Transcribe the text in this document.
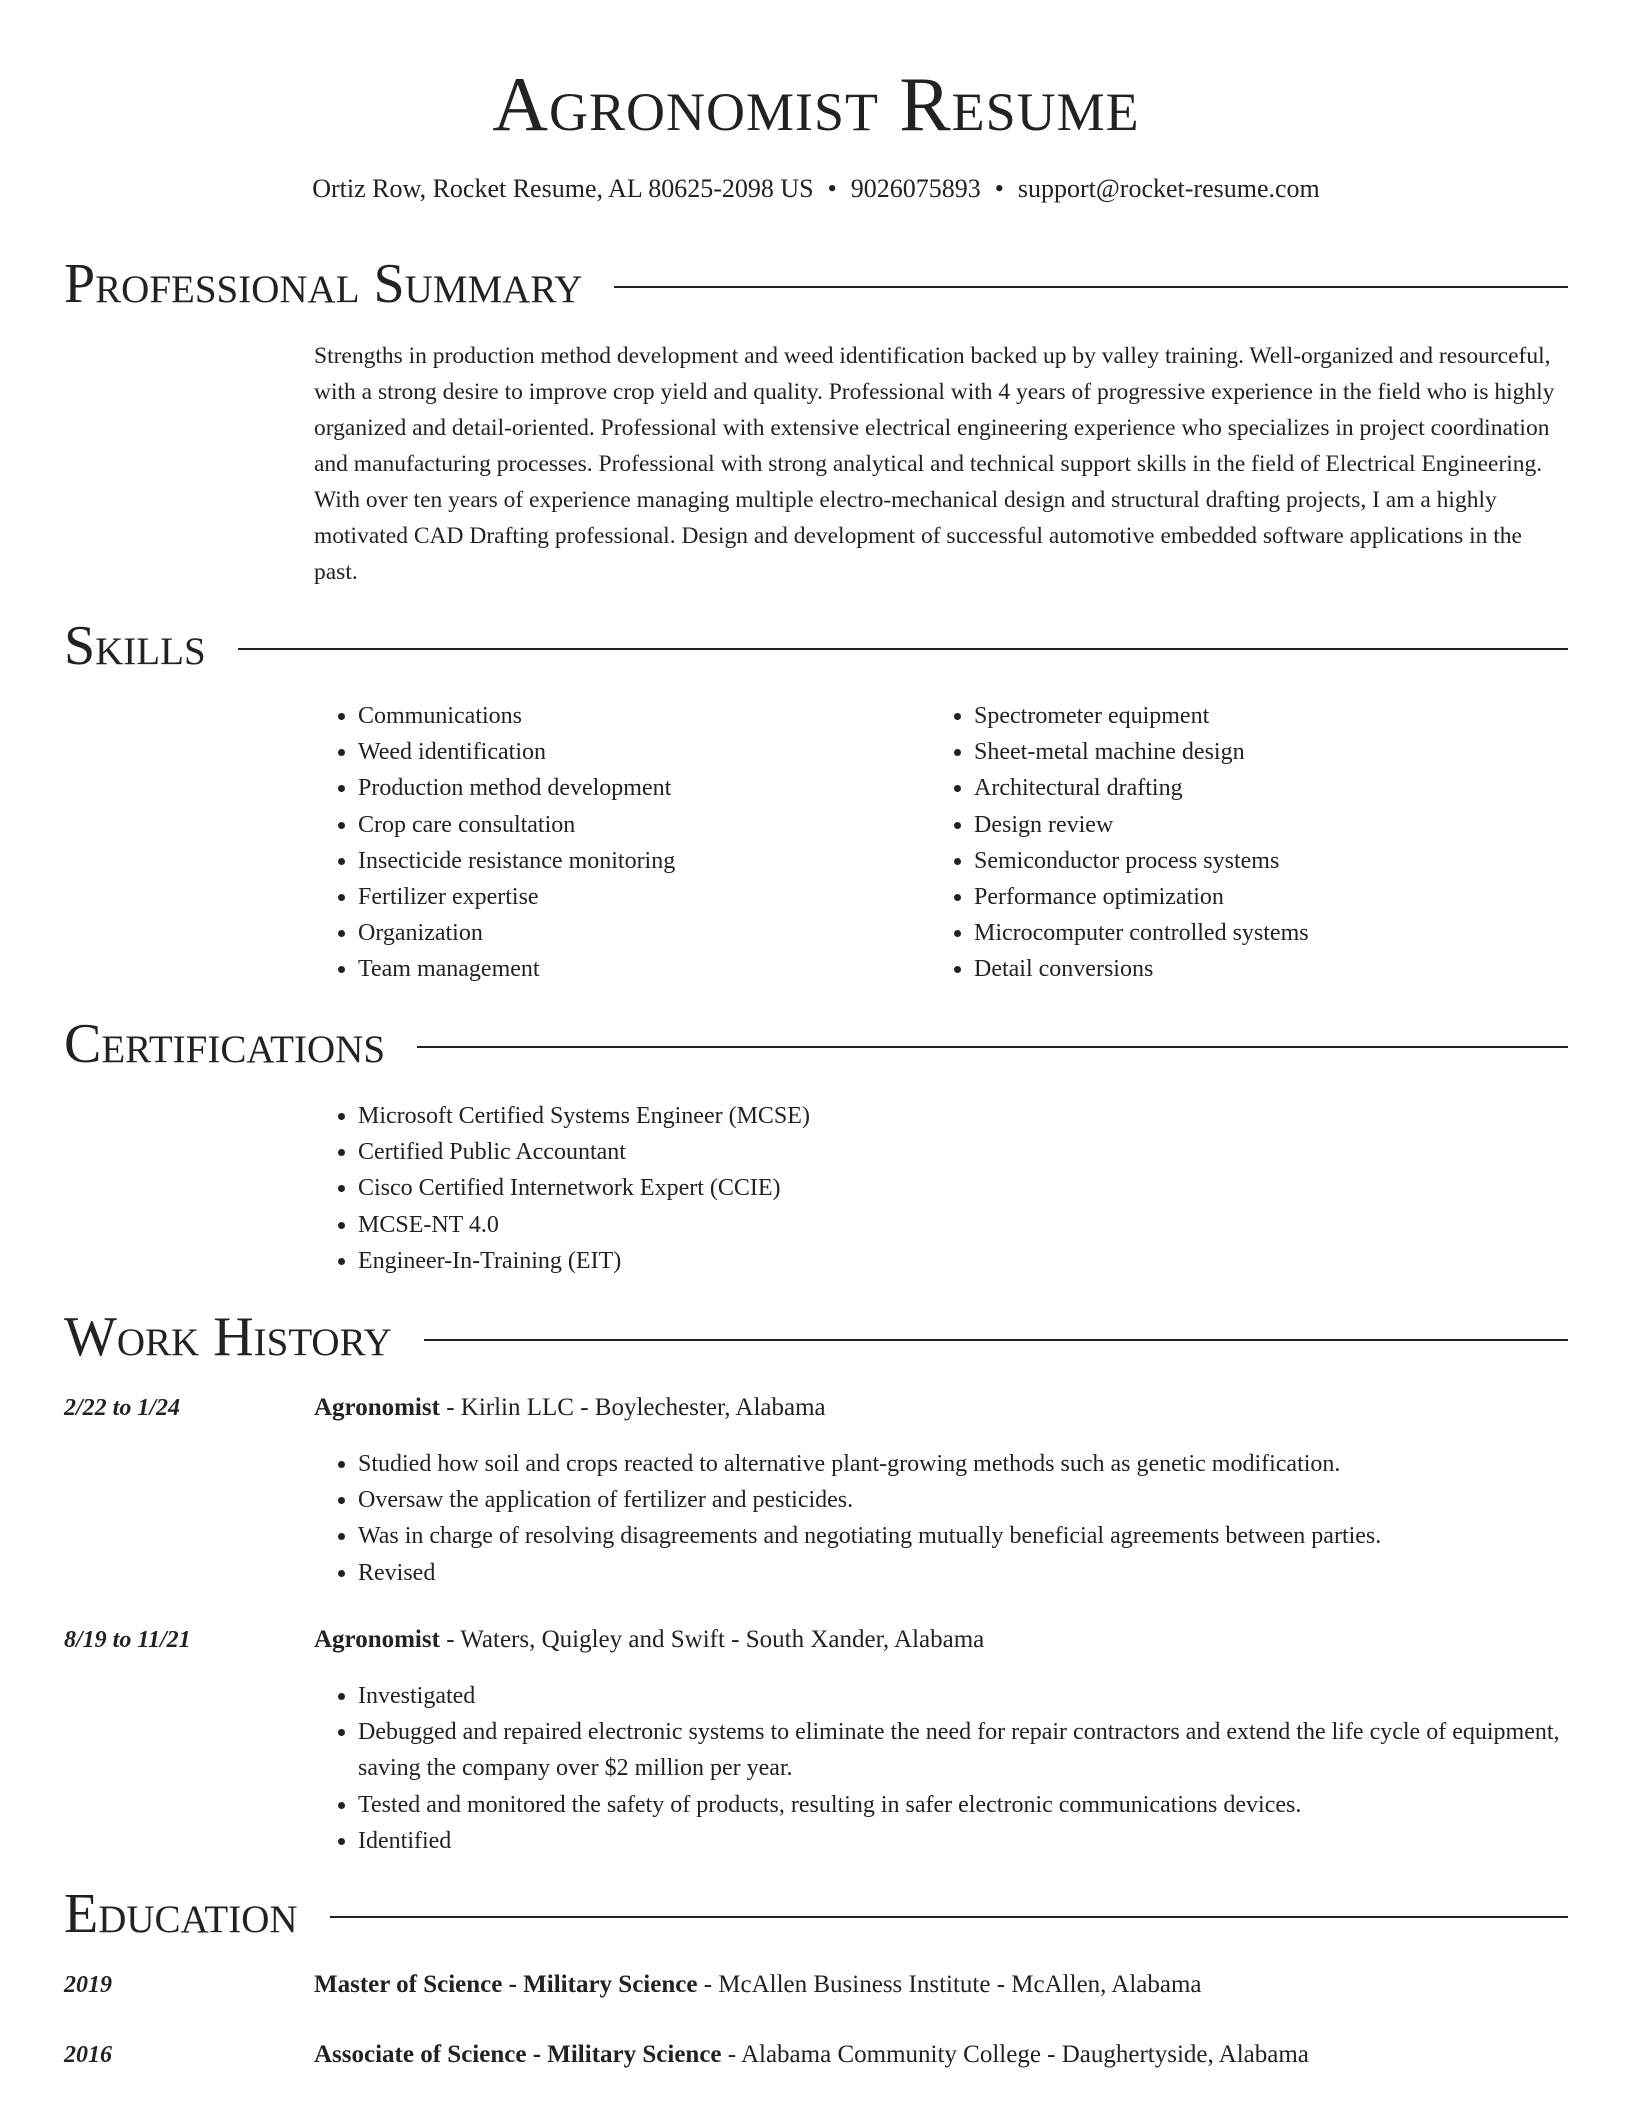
Agronomist Resume
Ortiz Row, Rocket Resume, AL 80625-2098 US • 9026075893 • support@rocket-resume.com
Professional Summary

Strengths in production method development and weed identification backed up by valley training. Well-organized and resourceful, with a strong desire to improve crop yield and quality. Professional with 4 years of progressive experience in the field who is highly organized and detail-oriented. Professional with extensive electrical engineering experience who specializes in project coordination and manufacturing processes. Professional with strong analytical and technical support skills in the field of Electrical Engineering. With over ten years of experience managing multiple electro-mechanical design and structural drafting projects, I am a highly motivated CAD Drafting professional. Design and development of successful automotive embedded software applications in the past.

Skills
• Communications
• Weed identification
• Production method development
• Crop care consultation
• Insecticide resistance monitoring
• Fertilizer expertise
• Organization
• Team management
• Spectrometer equipment
• Sheet-metal machine design
• Architectural drafting
• Design review
• Semiconductor process systems
• Performance optimization
• Microcomputer controlled systems
• Detail conversions
Certifications
• Microsoft Certified Systems Engineer (MCSE)
• Certified Public Accountant
• Cisco Certified Internetwork Expert (CCIE)
• MCSE-NT 4.0
• Engineer-In-Training (EIT)
Work History
2/22 to 1/24	Agronomist - Kirlin LLC - Boylechester, Alabama
• Studied how soil and crops reacted to alternative plant-growing methods such as genetic modification.
• Oversaw the application of fertilizer and pesticides.
• Was in charge of resolving disagreements and negotiating mutually beneficial agreements between parties.
• Revised
8/19 to 11/21	Agronomist - Waters, Quigley and Swift - South Xander, Alabama
• Investigated
• Debugged and repaired electronic systems to eliminate the need for repair contractors and extend the life cycle of equipment, saving the company over $2 million per year.
• Tested and monitored the safety of products, resulting in safer electronic communications devices.
• Identified
Education
2019	Master of Science - Military Science - McAllen Business Institute - McAllen, Alabama
2016	Associate of Science - Military Science - Alabama Community College - Daughertyside, Alabama
